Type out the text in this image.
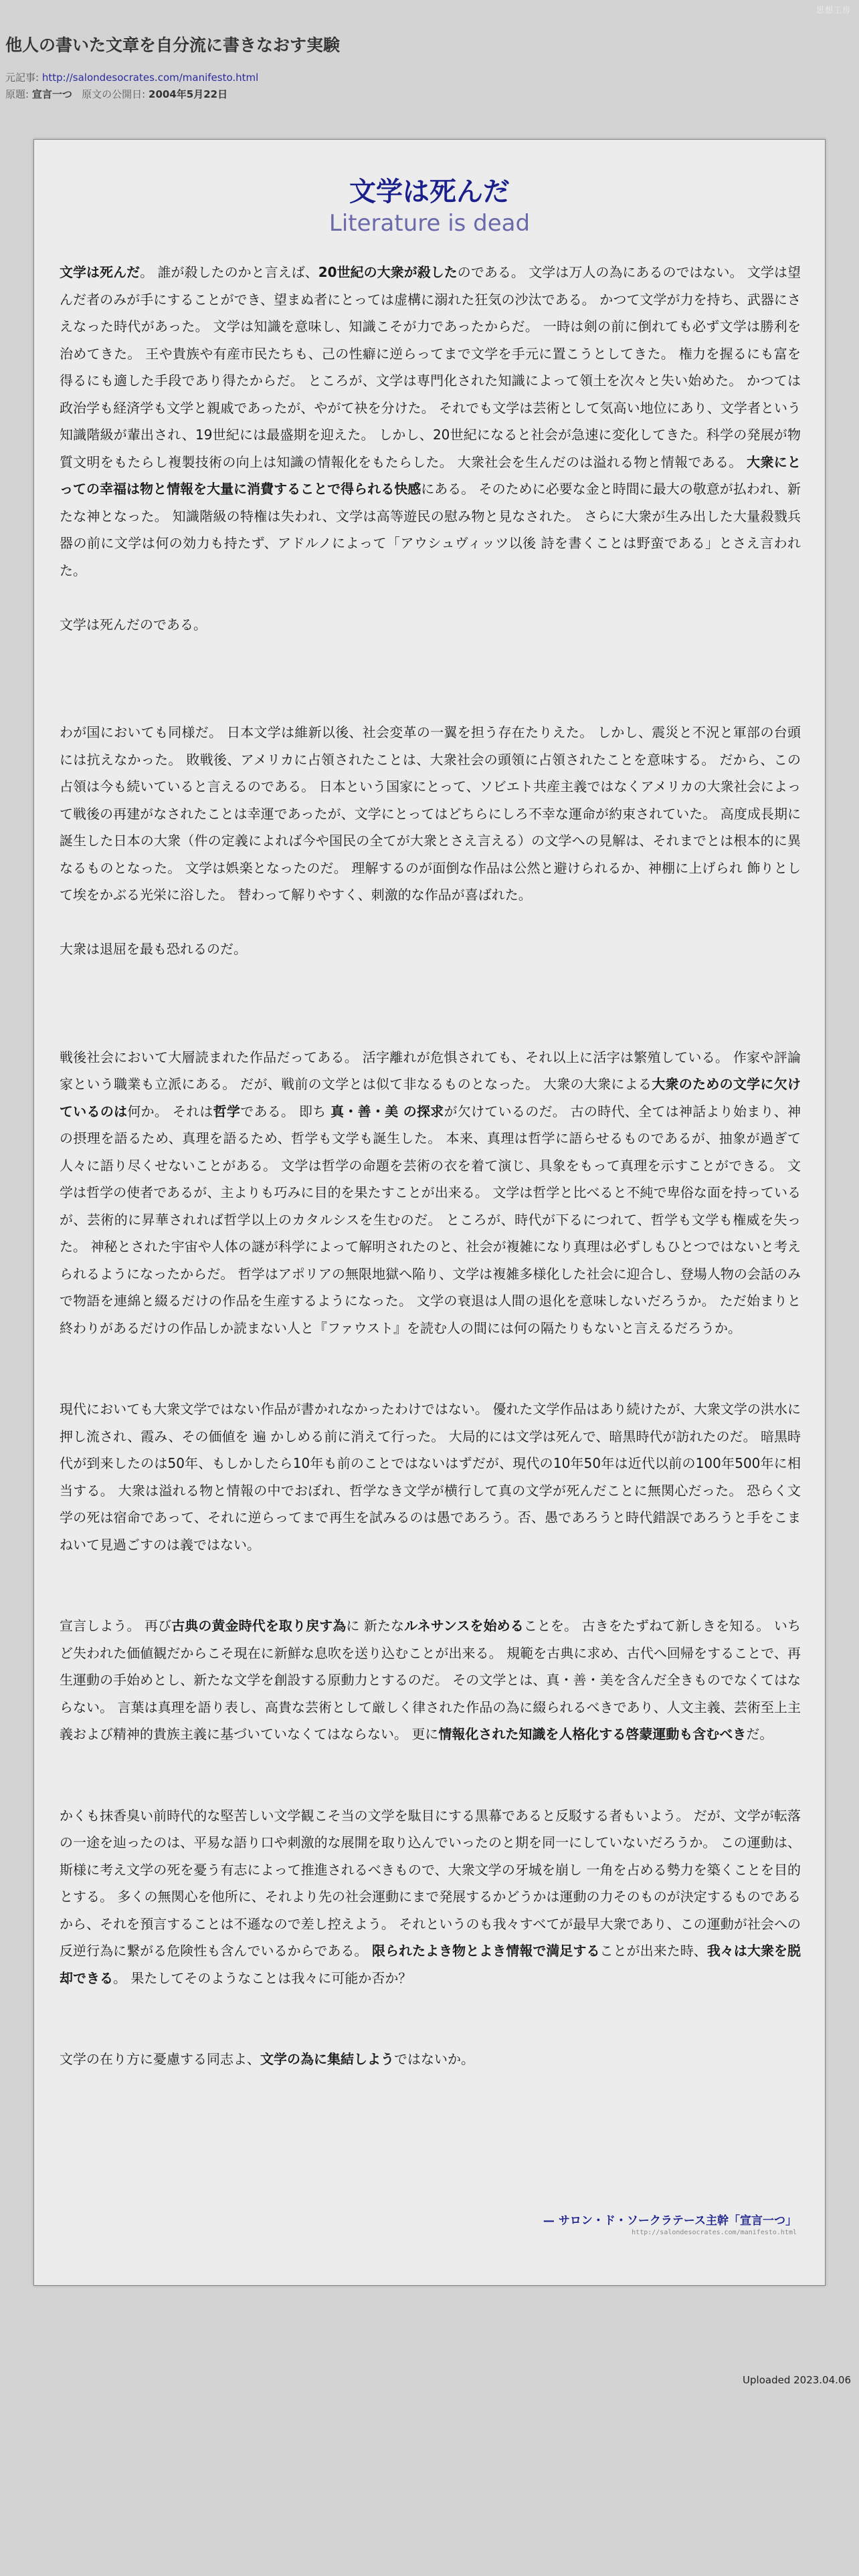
思想工房
他人の書いた文章を自分流に書きなおす実験
元記事: http://salondesocrates.com/manifesto.html
原題: 宣言一つ 原文の公開日: 2004年5月22日
文学は死んだ
Literature is dead

文学は死んだ。 誰が殺したのかと言えば、20世紀の大衆が殺したのである。 文学は万人の為にあるのではない。 文学は望んだ者のみが手にすることができ、望まぬ者にとっては虚構に溺れた狂気の沙汰である。 かつて文学が力を持ち、武器にさえなった時代があった。 文学は知識を意味し、知識こそが力であったからだ。 一時は剣の前に倒れても必ず文学は勝利を治めてきた。 王や貴族や有産市民たちも、己の性癖に逆らってまで文学を手元に置こうとしてきた。 権力を握るにも富を得るにも適した手段であり得たからだ。 ところが、文学は専門化された知識によって領土を次々と失い始めた。 かつては政治学も経済学も文学と親戚であったが、やがて袂を分けた。 それでも文学は芸術として気高い地位にあり、文学者という知識階級が輩出され、19世紀には最盛期を迎えた。 しかし、20世紀になると社会が急速に変化してきた。科学の発展が物質文明をもたらし複製技術の向上は知識の情報化をもたらした。 大衆社会を生んだのは溢れる物と情報である。 大衆にとっての幸福は物と情報を大量に消費することで得られる快感にある。 そのために必要な金と時間に最大の敬意が払われ、新たな神となった。 知識階級の特権は失われ、文学は高等遊民の慰み物と見なされた。 さらに大衆が生み出した大量殺戮兵器の前に文学は何の効力も持たず、アドルノによって「アウシュヴィッツ以後 詩を書くことは野蛮である」とさえ言われた。

文学は死んだのである。

わが国においても同様だ。 日本文学は維新以後、社会変革の一翼を担う存在たりえた。 しかし、震災と不況と軍部の台頭には抗えなかった。 敗戦後、アメリカに占領されたことは、大衆社会の頭領に占領されたことを意味する。 だから、この占領は今も続いていると言えるのである。 日本という国家にとって、ソビエト共産主義ではなくアメリカの大衆社会によって戦後の再建がなされたことは幸運であったが、文学にとってはどちらにしろ不幸な運命が約束されていた。 高度成長期に誕生した日本の大衆（件の定義によれば今や国民の全てが大衆とさえ言える）の文学への見解は、それまでとは根本的に異なるものとなった。 文学は娯楽となったのだ。 理解するのが面倒な作品は公然と避けられるか、神棚に上げられ 飾りとして埃をかぶる光栄に浴した。 替わって解りやすく、刺激的な作品が喜ばれた。

大衆は退屈を最も恐れるのだ。

戦後社会において大層読まれた作品だってある。 活字離れが危惧されても、それ以上に活字は繁殖している。 作家や評論家という職業も立派にある。 だが、戦前の文学とは似て非なるものとなった。 大衆の大衆による大衆のための文学に欠けているのは何か。 それは哲学である。 即ち 真・善・美 の探求が欠けているのだ。 古の時代、全ては神話より始まり、神の摂理を語るため、真理を語るため、哲学も文学も誕生した。 本来、真理は哲学に語らせるものであるが、抽象が過ぎて人々に語り尽くせないことがある。 文学は哲学の命題を芸術の衣を着て演じ、具象をもって真理を示すことができる。 文学は哲学の使者であるが、主よりも巧みに目的を果たすことが出来る。 文学は哲学と比べると不純で卑俗な面を持っているが、芸術的に昇華されれば哲学以上のカタルシスを生むのだ。 ところが、時代が下るにつれて、哲学も文学も権威を失った。 神秘とされた宇宙や人体の謎が科学によって解明されたのと、社会が複雑になり真理は必ずしもひとつではないと考えられるようになったからだ。 哲学はアポリアの無限地獄へ陥り、文学は複雑多様化した社会に迎合し、登場人物の会話のみで物語を連綿と綴るだけの作品を生産するようになった。 文学の衰退は人間の退化を意味しないだろうか。 ただ始まりと終わりがあるだけの作品しか読まない人と『ファウスト』を読む人の間には何の隔たりもないと言えるだろうか。

現代においても大衆文学ではない作品が書かれなかったわけではない。 優れた文学作品はあり続けたが、大衆文学の洪水に押し流され、霞み、その価値を 遍 かしめる前に消えて行った。 大局的には文学は死んで、暗黒時代が訪れたのだ。 暗黒時代が到来したのは50年、もしかしたら10年も前のことではないはずだが、現代の10年50年は近代以前の100年500年に相当する。 大衆は溢れる物と情報の中でおぼれ、哲学なき文学が横行して真の文学が死んだことに無関心だった。 恐らく文学の死は宿命であって、それに逆らってまで再生を試みるのは愚であろう。否、愚であろうと時代錯誤であろうと手をこまねいて見過ごすのは義ではない。

宣言しよう。 再び古典の黄金時代を取り戻す為に 新たなルネサンスを始めることを。 古きをたずねて新しきを知る。 いちど失われた価値観だからこそ現在に新鮮な息吹を送り込むことが出来る。 規範を古典に求め、古代へ回帰をすることで、再生運動の手始めとし、新たな文学を創設する原動力とするのだ。 その文学とは、真・善・美を含んだ全きものでなくてはならない。 言葉は真理を語り表し、高貴な芸術として厳しく律された作品の為に綴られるべきであり、人文主義、芸術至上主義および精神的貴族主義に基づいていなくてはならない。 更に情報化された知識を人格化する啓蒙運動も含むべきだ。

かくも抹香臭い前時代的な堅苦しい文学観こそ当の文学を駄目にする黒幕であると反駁する者もいよう。 だが、文学が転落の一途を辿ったのは、平易な語り口や刺激的な展開を取り込んでいったのと期を同一にしていないだろうか。 この運動は、斯様に考え文学の死を憂う有志によって推進されるべきもので、大衆文学の牙城を崩し 一角を占める勢力を築くことを目的とする。 多くの無関心を他所に、それより先の社会運動にまで発展するかどうかは運動の力そのものが決定するものであるから、それを預言することは不遜なので差し控えよう。 それというのも我々すべてが最早大衆であり、この運動が社会への反逆行為に繋がる危険性も含んでいるからである。 限られたよき物とよき情報で満足することが出来た時、我々は大衆を脱却できる。 果たしてそのようなことは我々に可能か否か？

文学の在り方に憂慮する同志よ、文学の為に集結しようではないか。

— サロン・ド・ソークラテース主幹「宣言一つ」
http://salondesocrates.com/manifesto.html
Uploaded 2023.04.06
